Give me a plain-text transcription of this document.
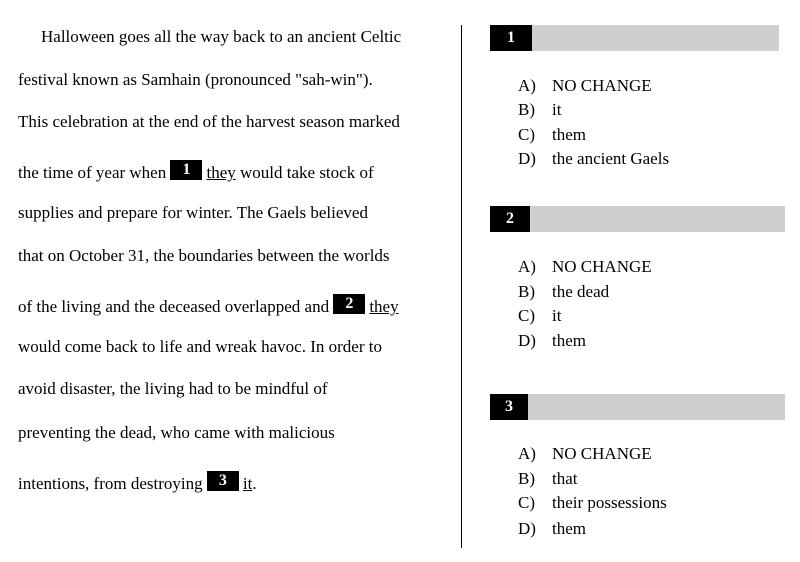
Halloween goes all the way back to an ancient Celtic
festival known as Samhain (pronounced "sah-win").
This celebration at the end of the harvest season marked
the time of year when 1 they would take stock of
supplies and prepare for winter. The Gaels believed
that on October 31, the boundaries between the worlds
of the living and the deceased overlapped and 2 they
would come back to life and wreak havoc. In order to
avoid disaster, the living had to be mindful of
preventing the dead, who came with malicious
intentions, from destroying 3 it.
1
A) NO CHANGE
B) it
C) them
D) the ancient Gaels
2
A) NO CHANGE
B) the dead
C) it
D) them
3
A) NO CHANGE
B) that
C) their possessions
D) them
